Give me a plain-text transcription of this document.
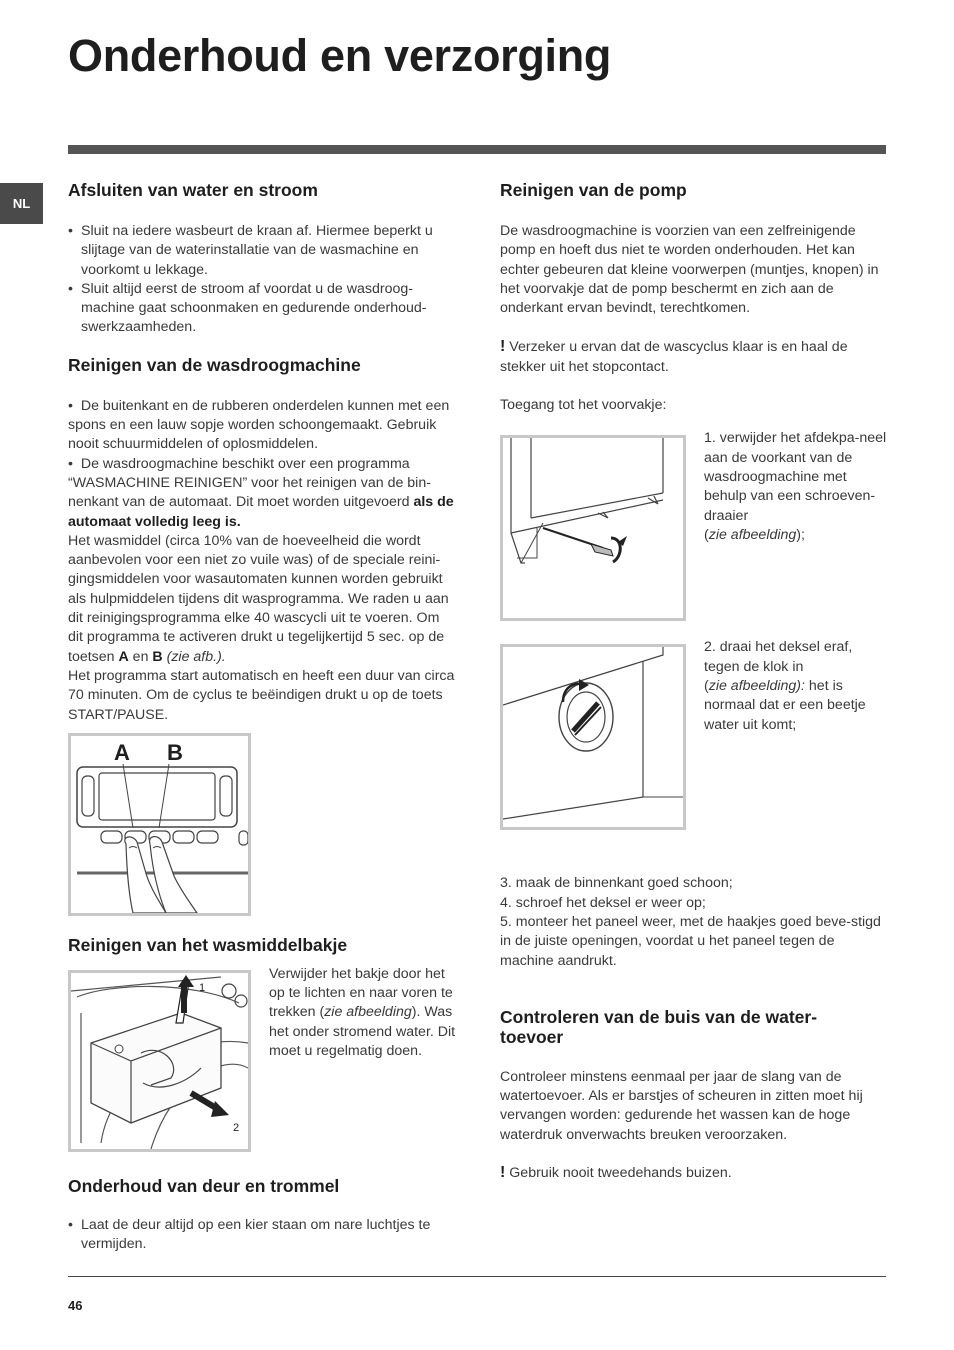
Onderhoud en verzorging
NL
Afsluiten van water en stroom
• Sluit na iedere wasbeurt de kraan af. Hiermee beperkt u slijtage van de waterinstallatie van de wasmachine en voorkomt u lekkage.
• Sluit altijd eerst de stroom af voordat u de wasdroog-machine gaat schoonmaken en gedurende onderhoud-swerkzaamheden.
Reinigen van de wasdroogmachine

•  De buitenkant en de rubberen onderdelen kunnen met een spons en een lauw sopje worden schoongemaakt. Gebruik nooit schuurmiddelen of oplosmiddelen.

•  De wasdroogmachine beschikt over een programma “WASMACHINE REINIGEN” voor het reinigen van de bin-nenkant van de automaat. Dit moet worden uitgevoerd als de automaat volledig leeg is.

Het wasmiddel (circa 10% van de hoeveelheid die wordt aanbevolen voor een niet zo vuile was) of de speciale reini-gingsmiddelen voor wasautomaten kunnen worden gebruikt als hulpmiddelen tijdens dit wasprogramma. We raden u aan dit reinigingsprogramma elke 40 wascycli uit te voeren. Om dit programma te activeren drukt u tegelijkertijd 5 sec. op de toetsen A en B (zie afb.).

Het programma start automatisch en heeft een duur van circa 70 minuten. Om de cyclus te beëindigen drukt u op de toets START/PAUSE.

A B
Reinigen van het wasmiddelbakje
1
2

Verwijder het bakje door het op te lichten en naar voren te trekken (zie afbeelding). Was het onder stromend water. Dit moet u regelmatig doen.

Onderhoud van deur en trommel
• Laat de deur altijd op een kier staan om nare luchtjes te vermijden.
Reinigen van de pomp

De wasdroogmachine is voorzien van een zelfreinigende pomp en hoeft dus niet te worden onderhouden. Het kan echter gebeuren dat kleine voorwerpen (muntjes, knopen) in het voorvakje dat de pomp beschermt en zich aan de onderkant ervan bevindt, terechtkomen.

! Verzeker u ervan dat de wascyclus klaar is en haal de stekker uit het stopcontact.

Toegang tot het voorvakje:

1. verwijder het afdekpa-neel aan de voorkant van de wasdroogmachine met behulp van een schroeven-draaier
(zie afbeelding);

2. draai het deksel eraf, tegen de klok in
(zie afbeelding): het is normaal dat er een beetje water uit komt;

3. maak de binnenkant goed schoon;

4. schroef het deksel er weer op;

5. monteer het paneel weer, met de haakjes goed beve-stigd in de juiste openingen, voordat u het paneel tegen de machine aandrukt.

Controleren van de buis van de water-toevoer

Controleer minstens eenmaal per jaar de slang van de watertoevoer. Als er barstjes of scheuren in zitten moet hij vervangen worden: gedurende het wassen kan de hoge waterdruk onverwachts breuken veroorzaken.

! Gebruik nooit tweedehands buizen.

46
